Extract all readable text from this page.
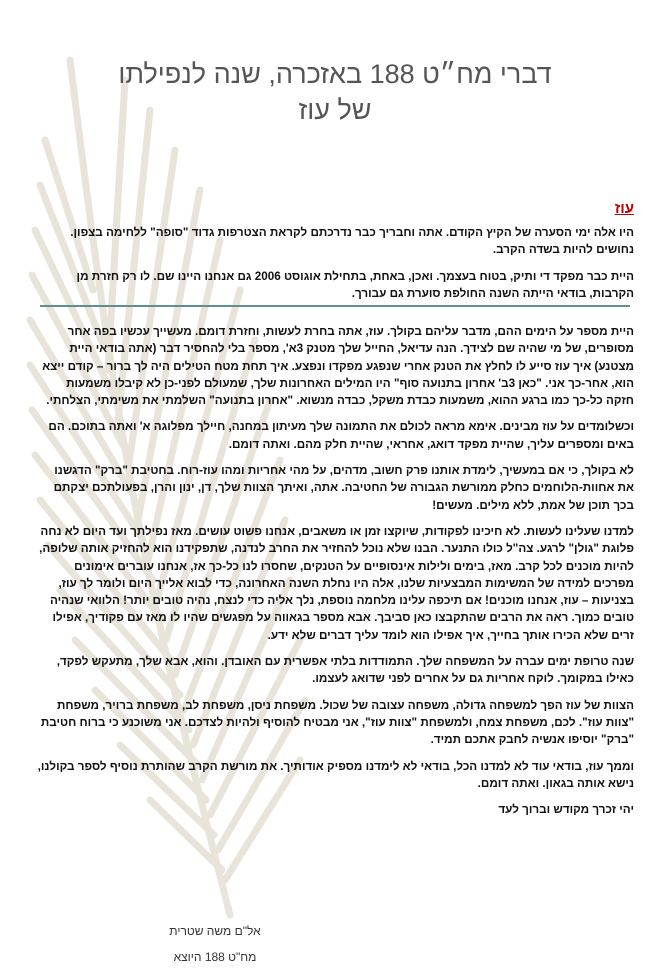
דברי מח״ט 188 באזכרה, שנה לנפילתו
של עוז
עוז

היו אלה ימי הסערה של הקיץ הקודם. אתה וחבריך כבר נדרכתם לקראת הצטרפות גדוד "סופה" ללחימה בצפון. נחושים להיות בשדה הקרב.

היית כבר מפקד די ותיק, בטוח בעצמך. ואכן, באחת, בתחילת אוגוסט 2006 גם אנחנו היינו שם. לו רק חזרת מן הקרבות, בודאי הייתה השנה החולפת סוערת גם עבורך.

היית מספר על הימים ההם, מדבר עליהם בקולך. עוז, אתה בחרת לעשות, וחזרת דומם. מעשייך עכשיו בפה אחר מסופרים, של מי שהיה שם לצידך. הנה עדיאל, החייל שלך מטנק 3א', מספר בלי להחסיר דבר (אתה בודאי היית מצטנע) איך עוז סייע לו לחלץ את הטנק אחרי שנפגע מפקדו ונפצע. איך תחת מטח הטילים היה לך ברור – קודם ייצא הוא, אחר-כך אני. "כאן 3ב' אחרון בתנועה סוף" היו המילים האחרונות שלך, שמעולם לפני-כן לא קיבלו משמעות חזקה כל-כך כמו ברגע ההוא, משמעות כבדת משקל, כבדה מנשוא. "אחרון בתנועה" השלמתי את משימתי, הצלחתי.

וכשלומדים על עוז מבינים. אימא מראה לכולם את התמונה שלך מעיתון במחנה, חיילך מפלוגה א' ואתה בתוכם. הם באים ומספרים עליך, שהיית מפקד דואג, אחראי, שהיית חלק מהם. ואתה דומם.

לא בקולך, כי אם במעשיך, לימדת אותנו פרק חשוב, מדהים, על מהי אחריות ומהו עוז-רוח. בחטיבת "ברק" הדגשנו את אחוות-הלוחמים כחלק ממורשת הגבורה של החטיבה. אתה, ואיתך הצוות שלך, דן, ינון והרן, בפעולתכם יצקתם בכך תוכן של אמת, ללא מילים. מעשים!

למדנו שעלינו לעשות. לא חיכינו לפקודות, שיוקצו זמן או משאבים, אנחנו פשוט עושים. מאז נפילתך ועד היום לא נחה פלוגת "גולן" לרגע. צה"ל כולו התנער. הבנו שלא נוכל להחזיר את החרב לנדנה, שתפקידנו הוא להחזיק אותה שלופה, להיות מוכנים לכל קרב. מאז, בימים ולילות אינסופיים על הטנקים, שחסרו לנו כל-כך אז, אנחנו עוברים אימונים מפרכים למידה של המשימות המבצעיות שלנו, אלה היו נחלת השנה האחרונה, כדי לבוא אלייך היום ולומר לך עוז, בצניעות – עוז, אנחנו מוכנים! אם תיכפה עלינו מלחמה נוספת, נלך אליה כדי לנצח, נהיה טובים יותר! הלוואי שנהיה טובים כמוך. ראה את הרבים שהתקבצו כאן סביבך. אבא מספר בגאווה על מפגשים שהיו לו מאז עם פקודיך, אפילו זרים שלא הכירו אותך בחייך, איך אפילו הוא לומד עליך דברים שלא ידע.

שנה טרופת ימים עברה על המשפחה שלך. התמודדות בלתי אפשרית עם האובדן. והוא, אבא שלך, מתעקש לפקד, כאילו במקומך. לוקח אחריות גם על אחרים לפני שדואג לעצמו.

הצוות של עוז הפך למשפחה גדולה, משפחה עצובה של שכול. משפחת ניסן, משפחת לב, משפחת ברויר, משפחת "צוות עוז". לכם, משפחת צמח, ולמשפחת "צוות עוז", אני מבטיח להוסיף ולהיות לצדכם. אני משוכנע כי ברוח חטיבת "ברק" יוסיפו אנשיה לחבק אתכם תמיד.

וממך עוז, בודאי עוד לא למדנו הכל, בודאי לא לימדנו מספיק אודותיך. את מורשת הקרב שהותרת נוסיף לספר בקולנו, נישא אותה בגאון. ואתה דומם.

יהי זכרך מקודש וברוך לעד

אל"ם משה שטרית
מח"ט 188 היוצא
